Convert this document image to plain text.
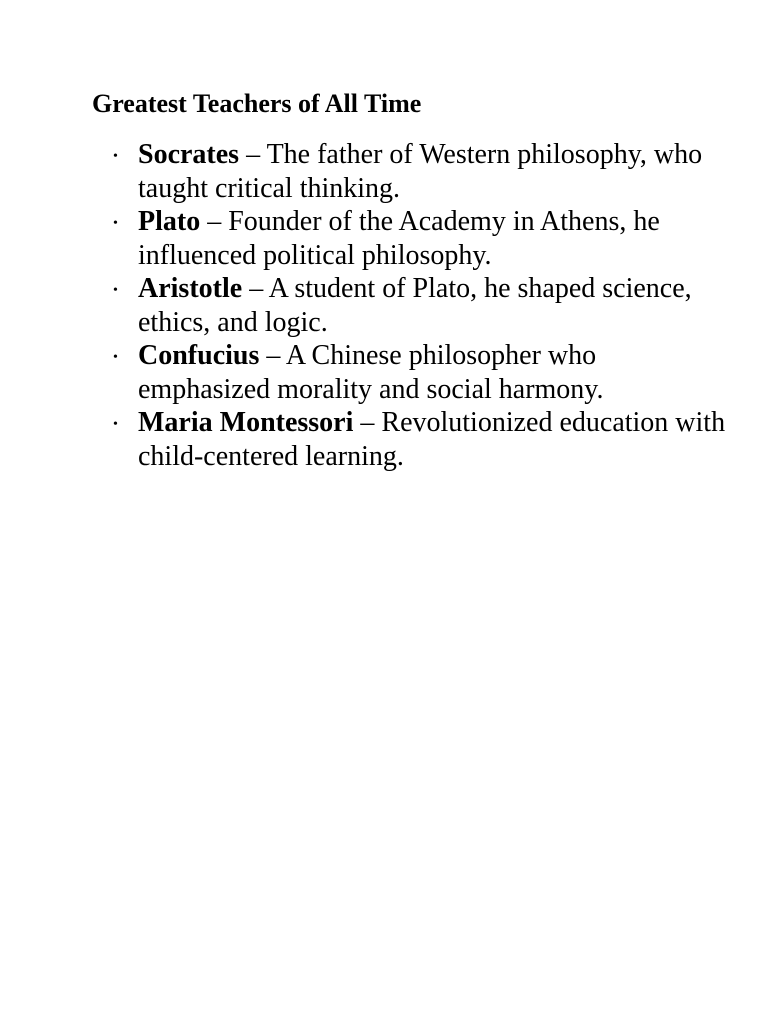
Greatest Teachers of All Time
• Socrates – The father of Western philosophy, who taught critical thinking.
• Plato – Founder of the Academy in Athens, he influenced political philosophy.
• Aristotle – A student of Plato, he shaped science, ethics, and logic.
• Confucius – A Chinese philosopher who emphasized morality and social harmony.
• Maria Montessori – Revolutionized education with child-centered learning.
